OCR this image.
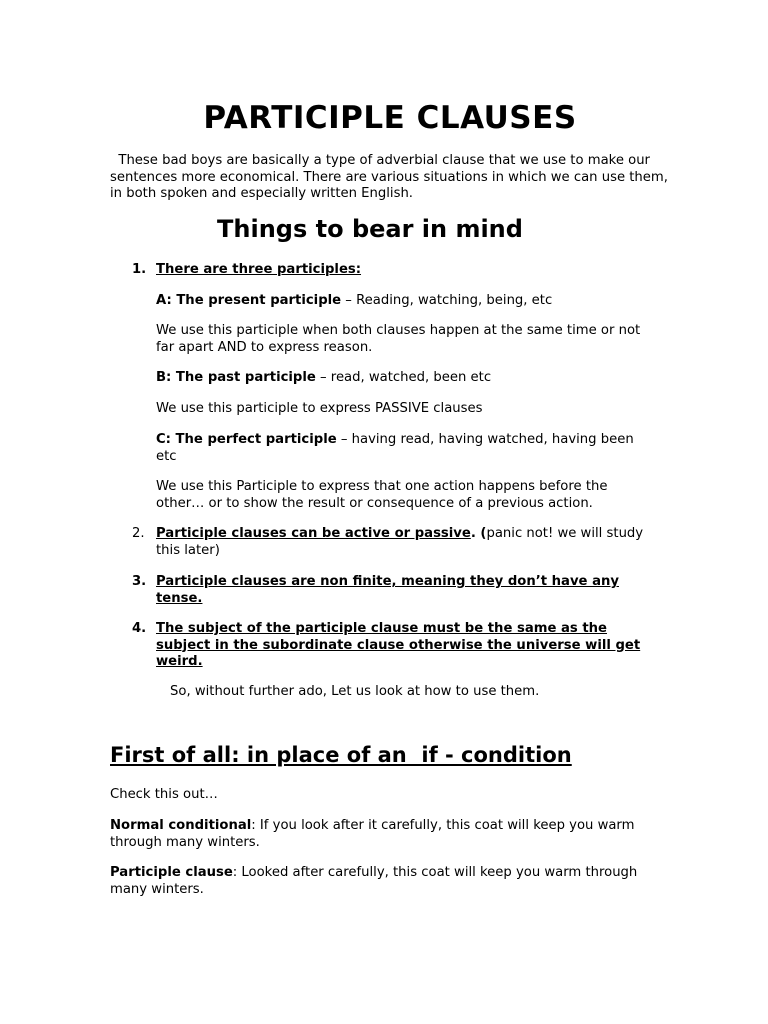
PARTICIPLE CLAUSES

These bad boys are basically a type of adverbial clause that we use to make our sentences more economical. There are various situations in which we can use them, in both spoken and especially written English.

Things to bear in mind
1. There are three participles:

A: The present participle – Reading, watching, being, etc

We use this participle when both clauses happen at the same time or not far apart AND to express reason.

B: The past participle – read, watched, been etc

We use this participle to express PASSIVE clauses

C: The perfect participle – having read, having watched, having been etc

We use this Participle to express that one action happens before the other… or to show the result or consequence of a previous action.

2. Participle clauses can be active or passive. (panic not! we will study this later)

3. Participle clauses are non finite, meaning they don’t have any tense.

4. The subject of the participle clause must be the same as the subject in the subordinate clause otherwise the universe will get weird.

So, without further ado, Let us look at how to use them.

First of all: in place of an  if - condition

Check this out…

Normal conditional: If you look after it carefully, this coat will keep you warm through many winters.

Participle clause: Looked after carefully, this coat will keep you warm through many winters.
